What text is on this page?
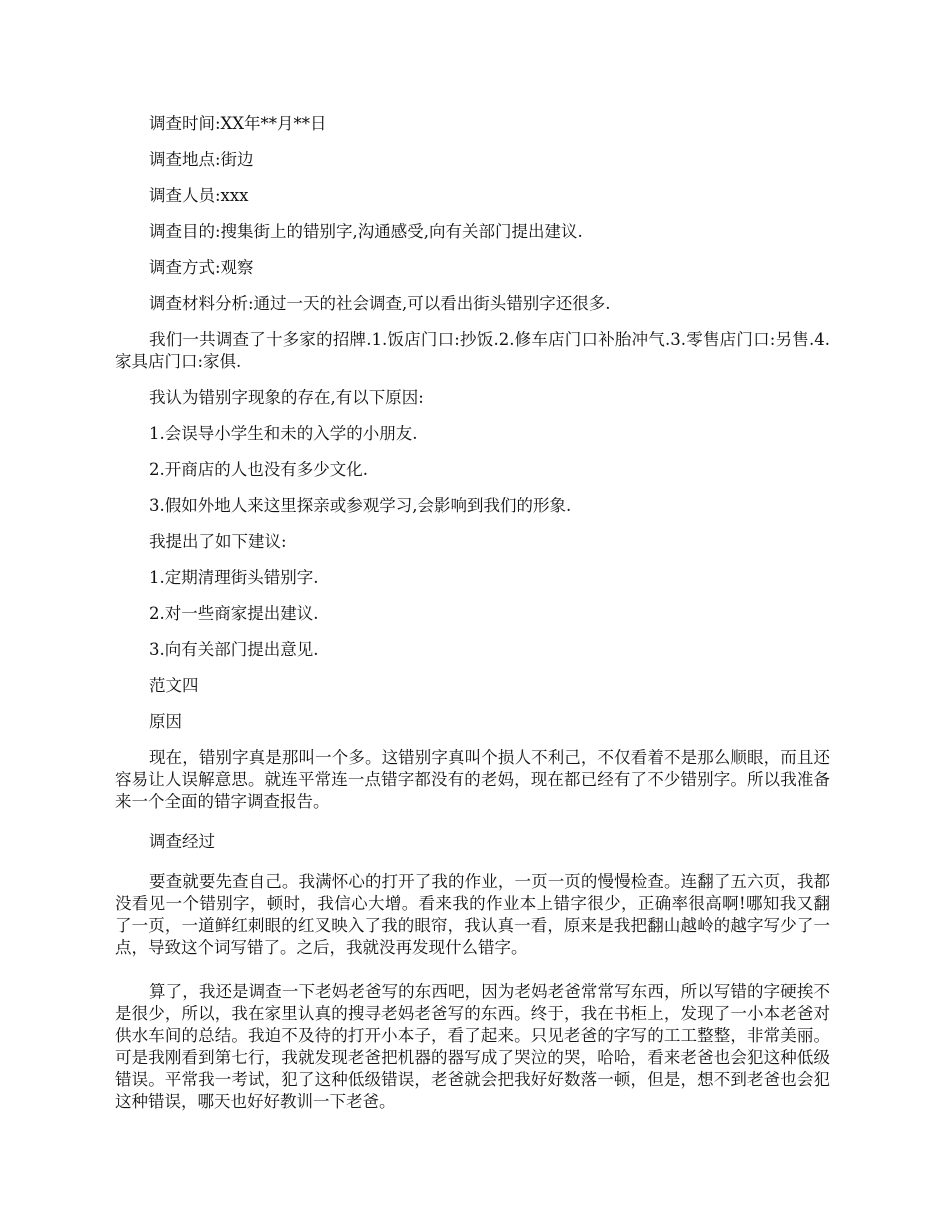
调查时间:XX年**月**日

调查地点:街边

调查人员:xxx

调查目的:搜集街上的错别字,沟通感受,向有关部门提出建议.

调查方式:观察

调查材料分析:通过一天的社会调查,可以看出街头错别字还很多.

我们一共调查了十多家的招牌.1.饭店门口:抄饭.2.修车店门口补胎冲气.3.零售店门口:另售.4.家具店门口:家俱.

我认为错别字现象的存在,有以下原因:

1.会误导小学生和未的入学的小朋友.

2.开商店的人也没有多少文化.

3.假如外地人来这里探亲或参观学习,会影响到我们的形象.

我提出了如下建议:

1.定期清理街头错别字.

2.对一些商家提出建议.

3.向有关部门提出意见.

范文四

原因

现在，错别字真是那叫一个多。这错别字真叫个损人不利己，不仅看着不是那么顺眼，而且还容易让人误解意思。就连平常连一点错字都没有的老妈，现在都已经有了不少错别字。所以我准备来一个全面的错字调查报告。

调查经过

要查就要先查自己。我满怀心的打开了我的作业，一页一页的慢慢检查。连翻了五六页，我都没看见一个错别字，顿时，我信心大增。看来我的作业本上错字很少，正确率很高啊!哪知我又翻了一页，一道鲜红刺眼的红叉映入了我的眼帘，我认真一看，原来是我把翻山越岭的越字写少了一点，导致这个词写错了。之后，我就没再发现什么错字。

算了，我还是调查一下老妈老爸写的东西吧，因为老妈老爸常常写东西，所以写错的字硬挨不是很少，所以，我在家里认真的搜寻老妈老爸写的东西。终于，我在书柜上，发现了一小本老爸对供水车间的总结。我迫不及待的打开小本子，看了起来。只见老爸的字写的工工整整，非常美丽。可是我刚看到第七行，我就发现老爸把机器的器写成了哭泣的哭，哈哈，看来老爸也会犯这种低级错误。平常我一考试，犯了这种低级错误，老爸就会把我好好数落一顿，但是，想不到老爸也会犯这种错误，哪天也好好教训一下老爸。
